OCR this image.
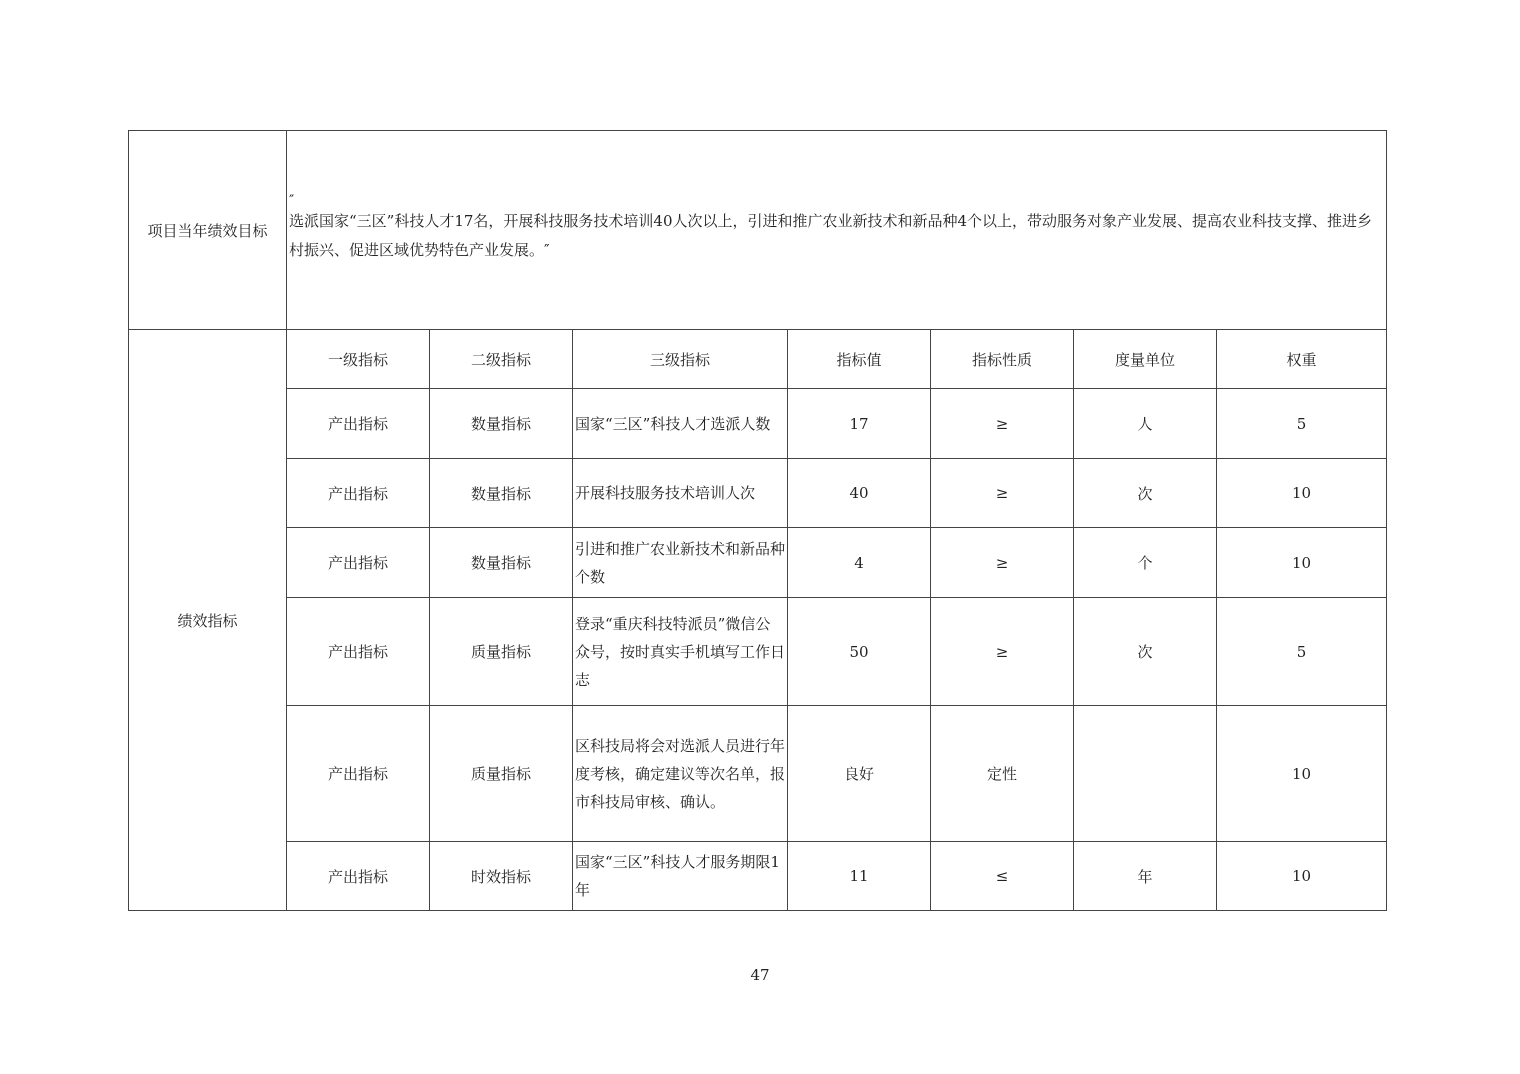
项目当年绩效目标	″
选派国家“三区”科技人才17名，开展科技服务技术培训40人次以上，引进和推广农业新技术和新品种4个以上，带动服务对象产业发展、提高农业科技支撑、推进乡村振兴、促进区域优势特色产业发展。″						
绩效指标	一级指标	二级指标	三级指标	指标值	指标性质	度量单位	权重
	产出指标	数量指标	国家“三区”科技人才选派人数	17	≥	人	5
	产出指标	数量指标	开展科技服务技术培训人次	40	≥	次	10
	产出指标	数量指标	引进和推广农业新技术和新品种个数	4	≥	个	10
	产出指标	质量指标	登录“重庆科技特派员”微信公众号，按时真实手机填写工作日志	50	≥	次	5
	产出指标	质量指标	区科技局将会对选派人员进行年度考核，确定建议等次名单，报市科技局审核、确认。	良好	定性		10
	产出指标	时效指标	国家“三区”科技人才服务期限1年	11	≤	年	10
47
